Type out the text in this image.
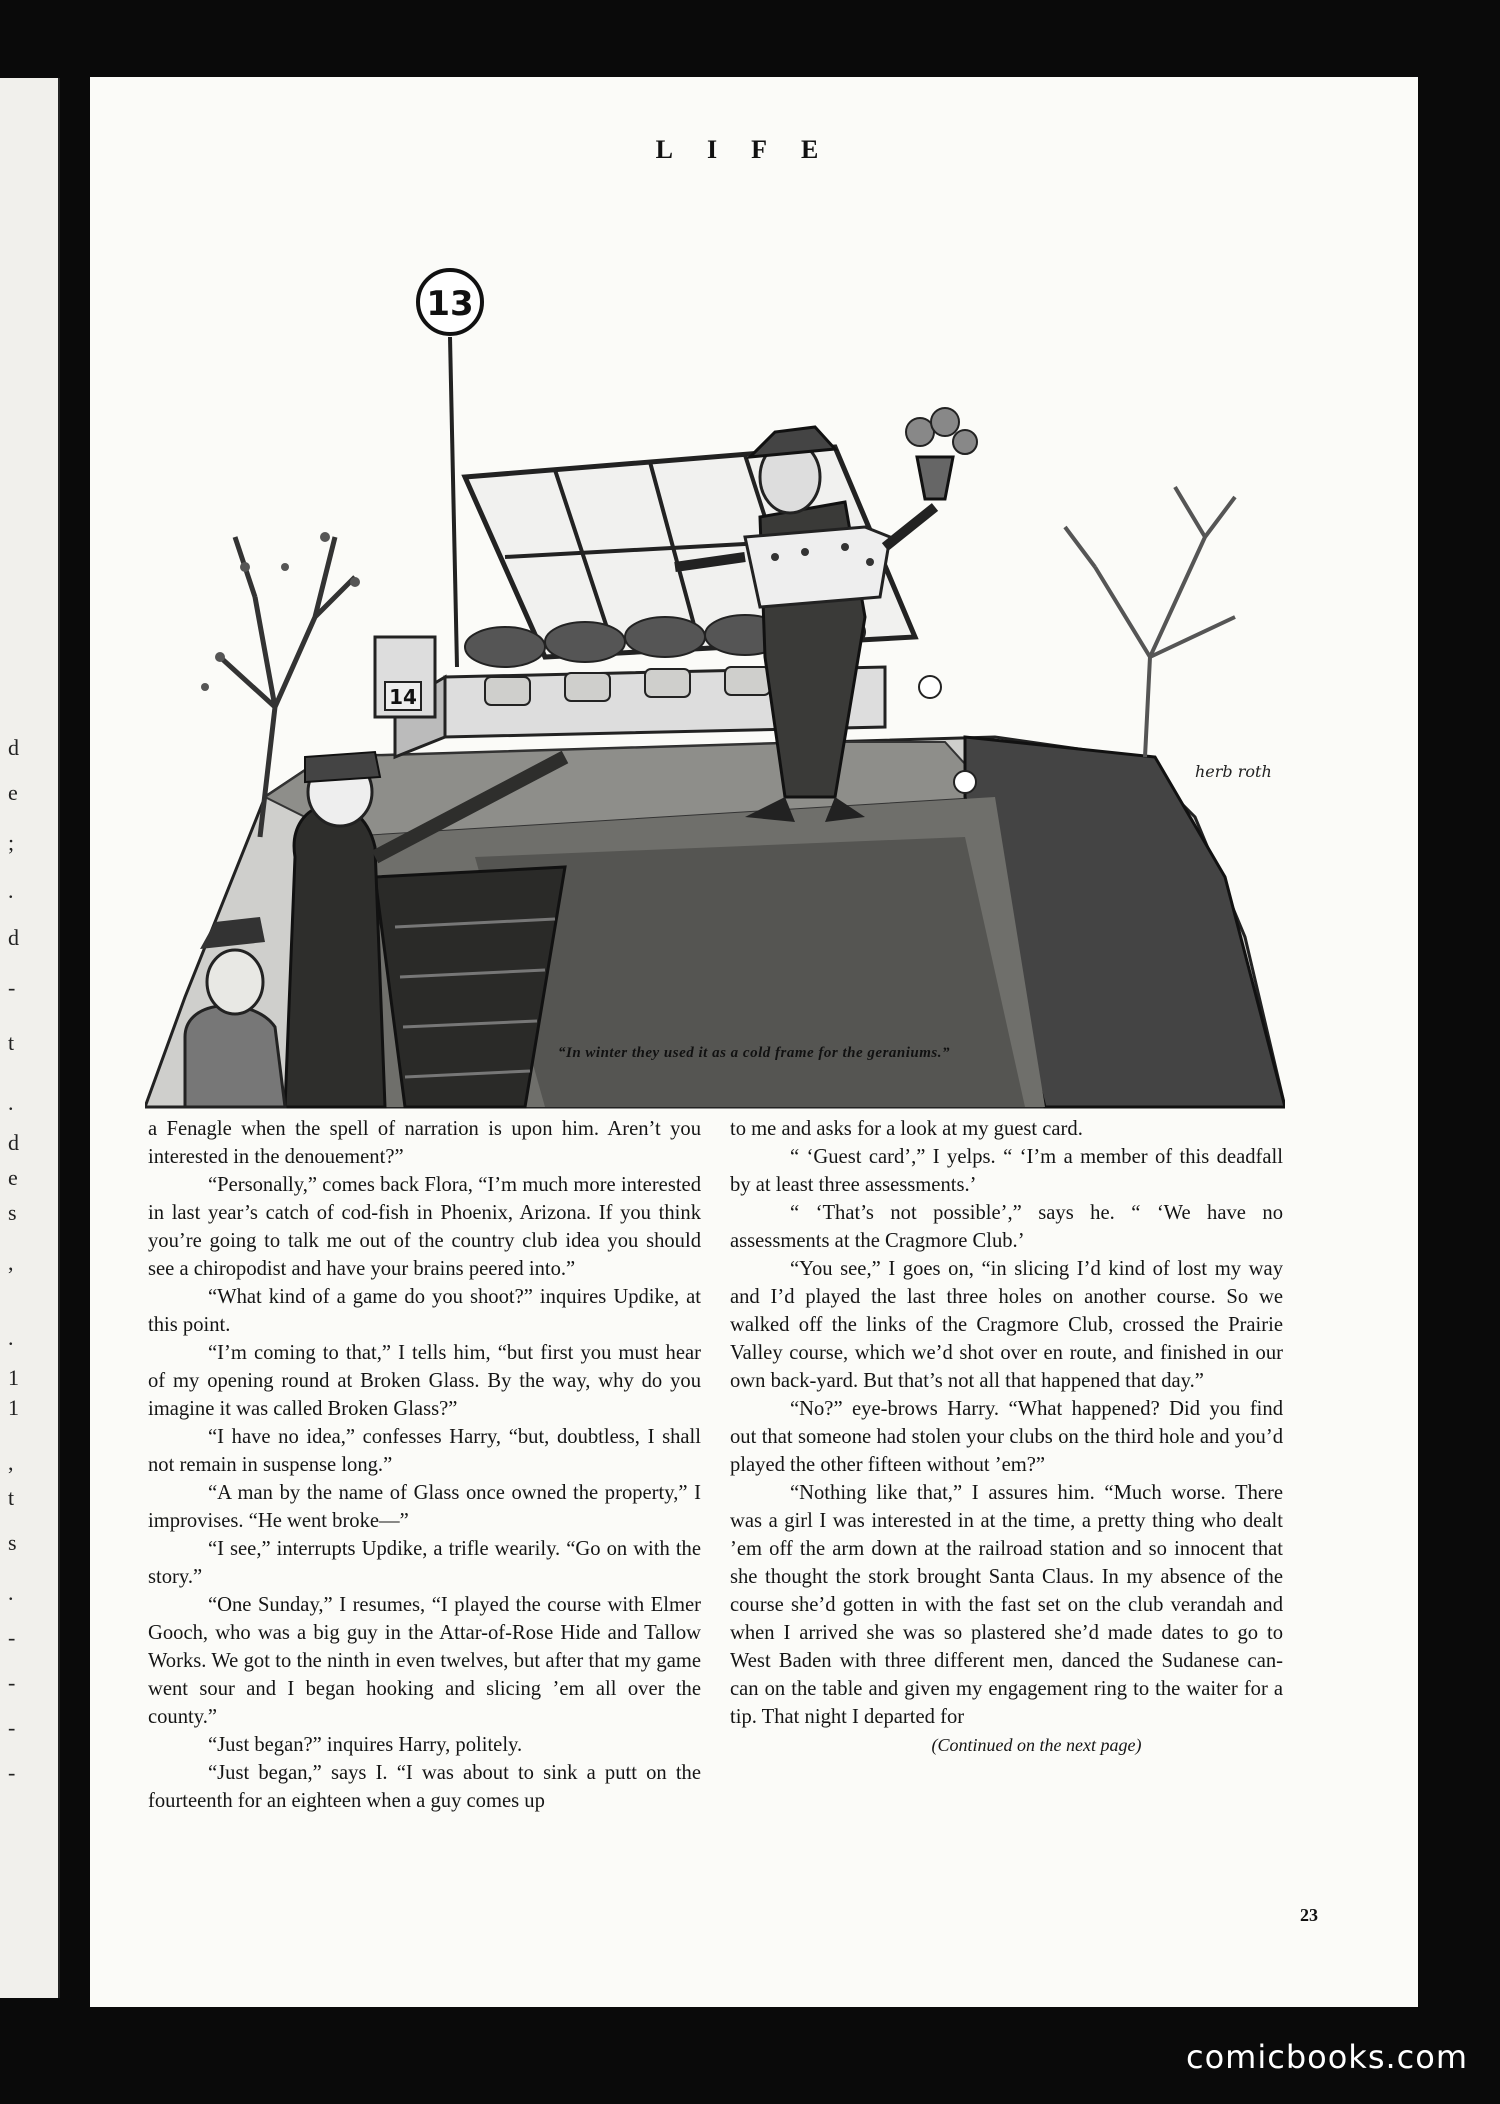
d
e
;
.
d
-
t
.
d
e
s
,
.
1
1
,
t
s
.
-
-
-
-
LIFE
herb roth
14
13
“In winter they used it as a cold frame for the geraniums.”

a Fenagle when the spell of narration is upon him. Aren’t you interested in the denouement?”

“Personally,” comes back Flora, “I’m much more interested in last year’s catch of cod-fish in Phoenix, Arizona. If you think you’re going to talk me out of the country club idea you should see a chiropodist and have your brains peered into.”

“What kind of a game do you shoot?” inquires Updike, at this point.

“I’m coming to that,” I tells him, “but first you must hear of my opening round at Broken Glass. By the way, why do you imagine it was called Broken Glass?”

“I have no idea,” confesses Harry, “but, doubtless, I shall not remain in suspense long.”

“A man by the name of Glass once owned the property,” I improvises. “He went broke—”

“I see,” interrupts Updike, a trifle wearily. “Go on with the story.”

“One Sunday,” I resumes, “I played the course with Elmer Gooch, who was a big guy in the Attar-of-Rose Hide and Tallow Works. We got to the ninth in even twelves, but after that my game went sour and I began hooking and slicing ’em all over the county.”

“Just began?” inquires Harry, politely.

“Just began,” says I. “I was about to sink a putt on the fourteenth for an eighteen when a guy comes up

to me and asks for a look at my guest card.

“ ‘Guest card’,” I yelps. “ ‘I’m a member of this deadfall by at least three assessments.’

“ ‘That’s not possible’,” says he. “ ‘We have no assessments at the Cragmore Club.’

“You see,” I goes on, “in slicing I’d kind of lost my way and I’d played the last three holes on another course. So we walked off the links of the Cragmore Club, crossed the Prairie Valley course, which we’d shot over en route, and finished in our own back-yard. But that’s not all that happened that day.”

“No?” eye-brows Harry. “What happened? Did you find out that someone had stolen your clubs on the third hole and you’d played the other fifteen without ’em?”

“Nothing like that,” I assures him. “Much worse. There was a girl I was interested in at the time, a pretty thing who dealt ’em off the arm down at the railroad station and so innocent that she thought the stork brought Santa Claus. In my absence of the course she’d gotten in with the fast set on the club verandah and when I arrived she was so plastered she’d made dates to go to West Baden with three different men, danced the Sudanese can-can on the table and given my engagement ring to the waiter for a tip. That night I departed for

(Continued on the next page)

23
comicbooks.com
